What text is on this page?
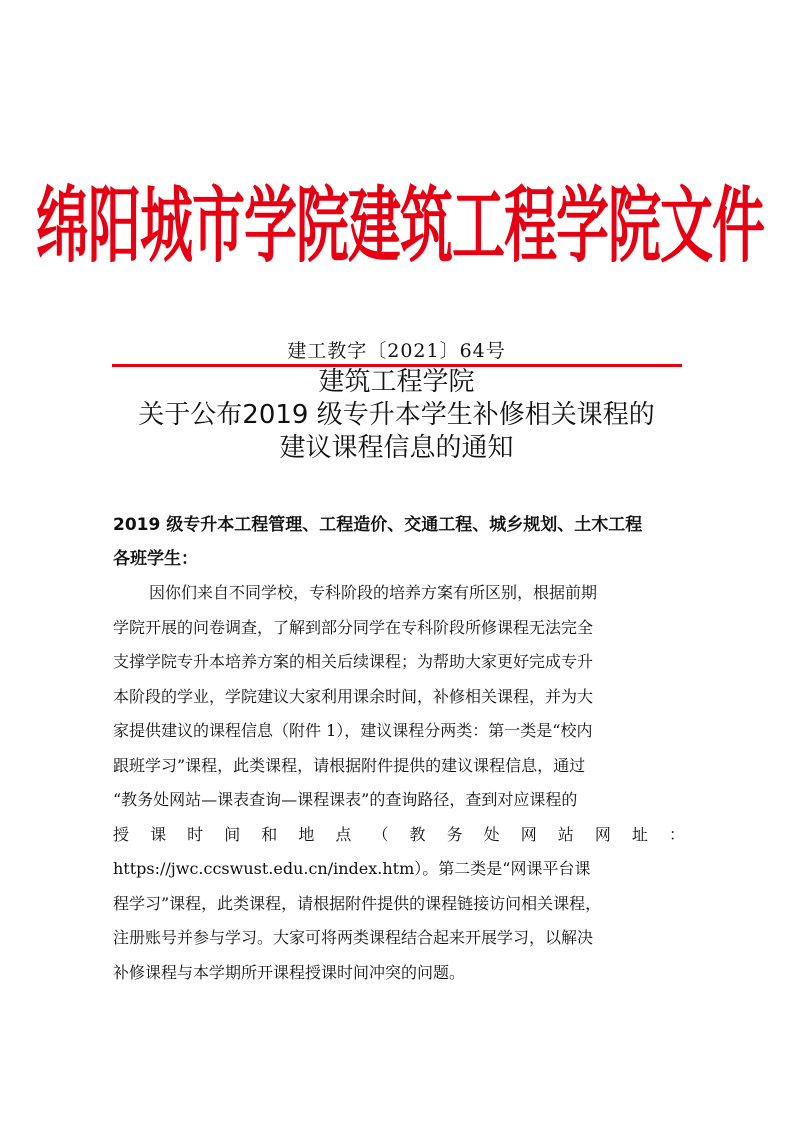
绵阳城市学院建筑工程学院文件
建工教字〔2021〕64号
建筑工程学院
关于公布2019 级专升本学生补修相关课程的
建议课程信息的通知
2019 级专升本工程管理、工程造价、交通工程、城乡规划、土木工程
各班学生：
因你们来自不同学校，专科阶段的培养方案有所区别，根据前期
学院开展的问卷调查，了解到部分同学在专科阶段所修课程无法完全
支撑学院专升本培养方案的相关后续课程；为帮助大家更好完成专升
本阶段的学业，学院建议大家利用课余时间，补修相关课程，并为大
家提供建议的课程信息（附件 1），建议课程分两类：第一类是“校内
跟班学习”课程，此类课程，请根据附件提供的建议课程信息，通过
“教务处网站—课表查询—课程课表”的查询路径，查到对应课程的
授 课 时 间 和 地 点 （ 教 务 处 网 站 网 址 ：
https://jwc.ccswust.edu.cn/index.htm）。第二类是“网课平台课
程学习”课程，此类课程，请根据附件提供的课程链接访问相关课程，
注册账号并参与学习。大家可将两类课程结合起来开展学习，以解决
补修课程与本学期所开课程授课时间冲突的问题。
